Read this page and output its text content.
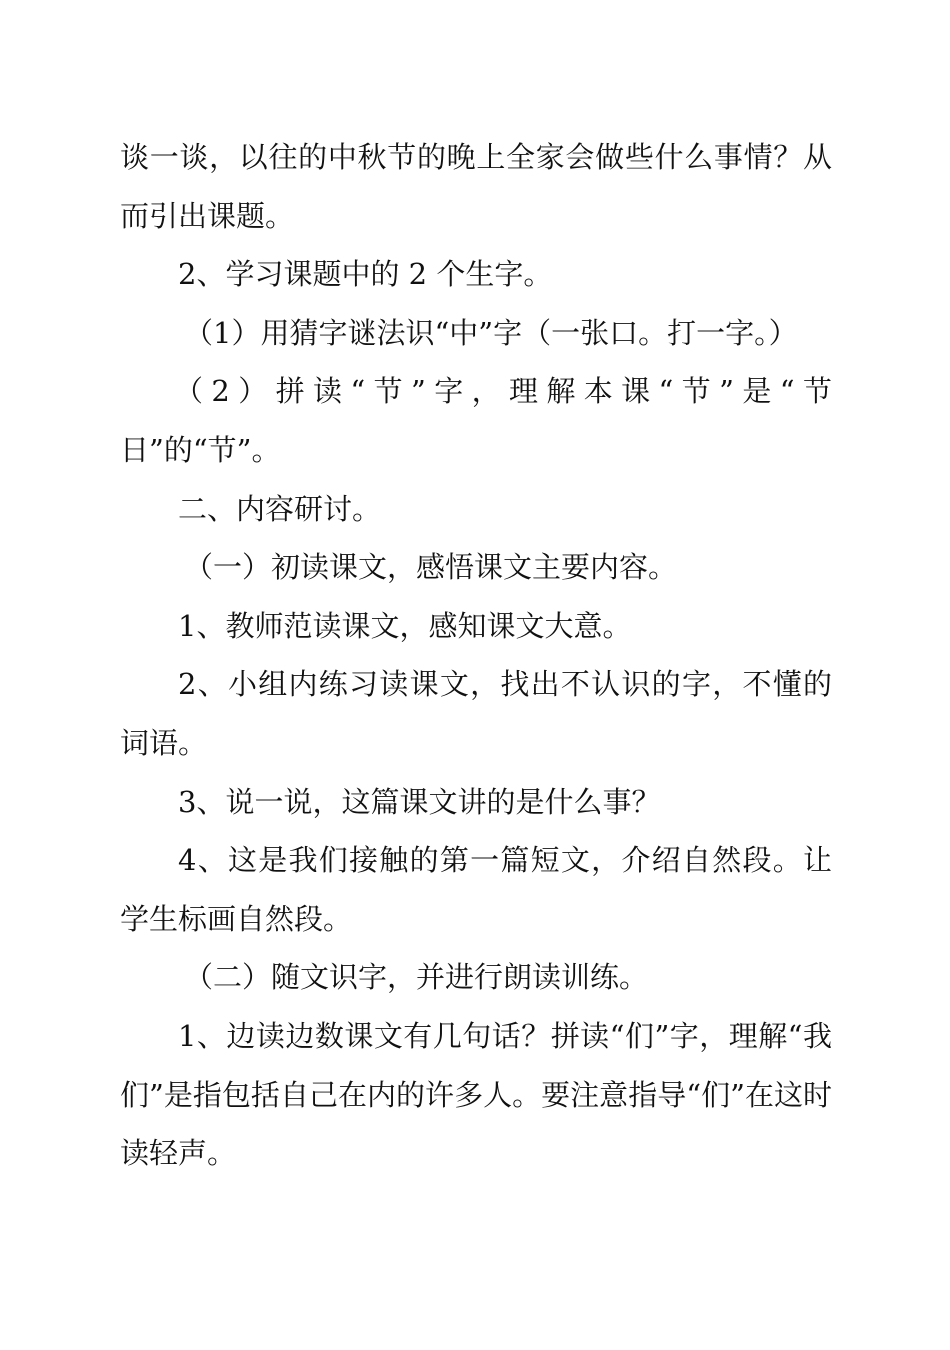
谈一谈，以往的中秋节的晚上全家会做些什么事情？从而引出课题。

2、学习课题中的 2 个生字。

（1）用猜字谜法识“中”字（一张口。打一字。）

（2）拼读“节”字，理解本课“节”是“节日”的“节”。

二、内容研讨。

（一）初读课文，感悟课文主要内容。

1、教师范读课文，感知课文大意。

2、小组内练习读课文，找出不认识的字，不懂的词语。

3、说一说，这篇课文讲的是什么事？

4、这是我们接触的第一篇短文，介绍自然段。让学生标画自然段。

（二）随文识字，并进行朗读训练。

1、边读边数课文有几句话？拼读“们”字，理解“我们”是指包括自己在内的许多人。要注意指导“们”在这时读轻声。
